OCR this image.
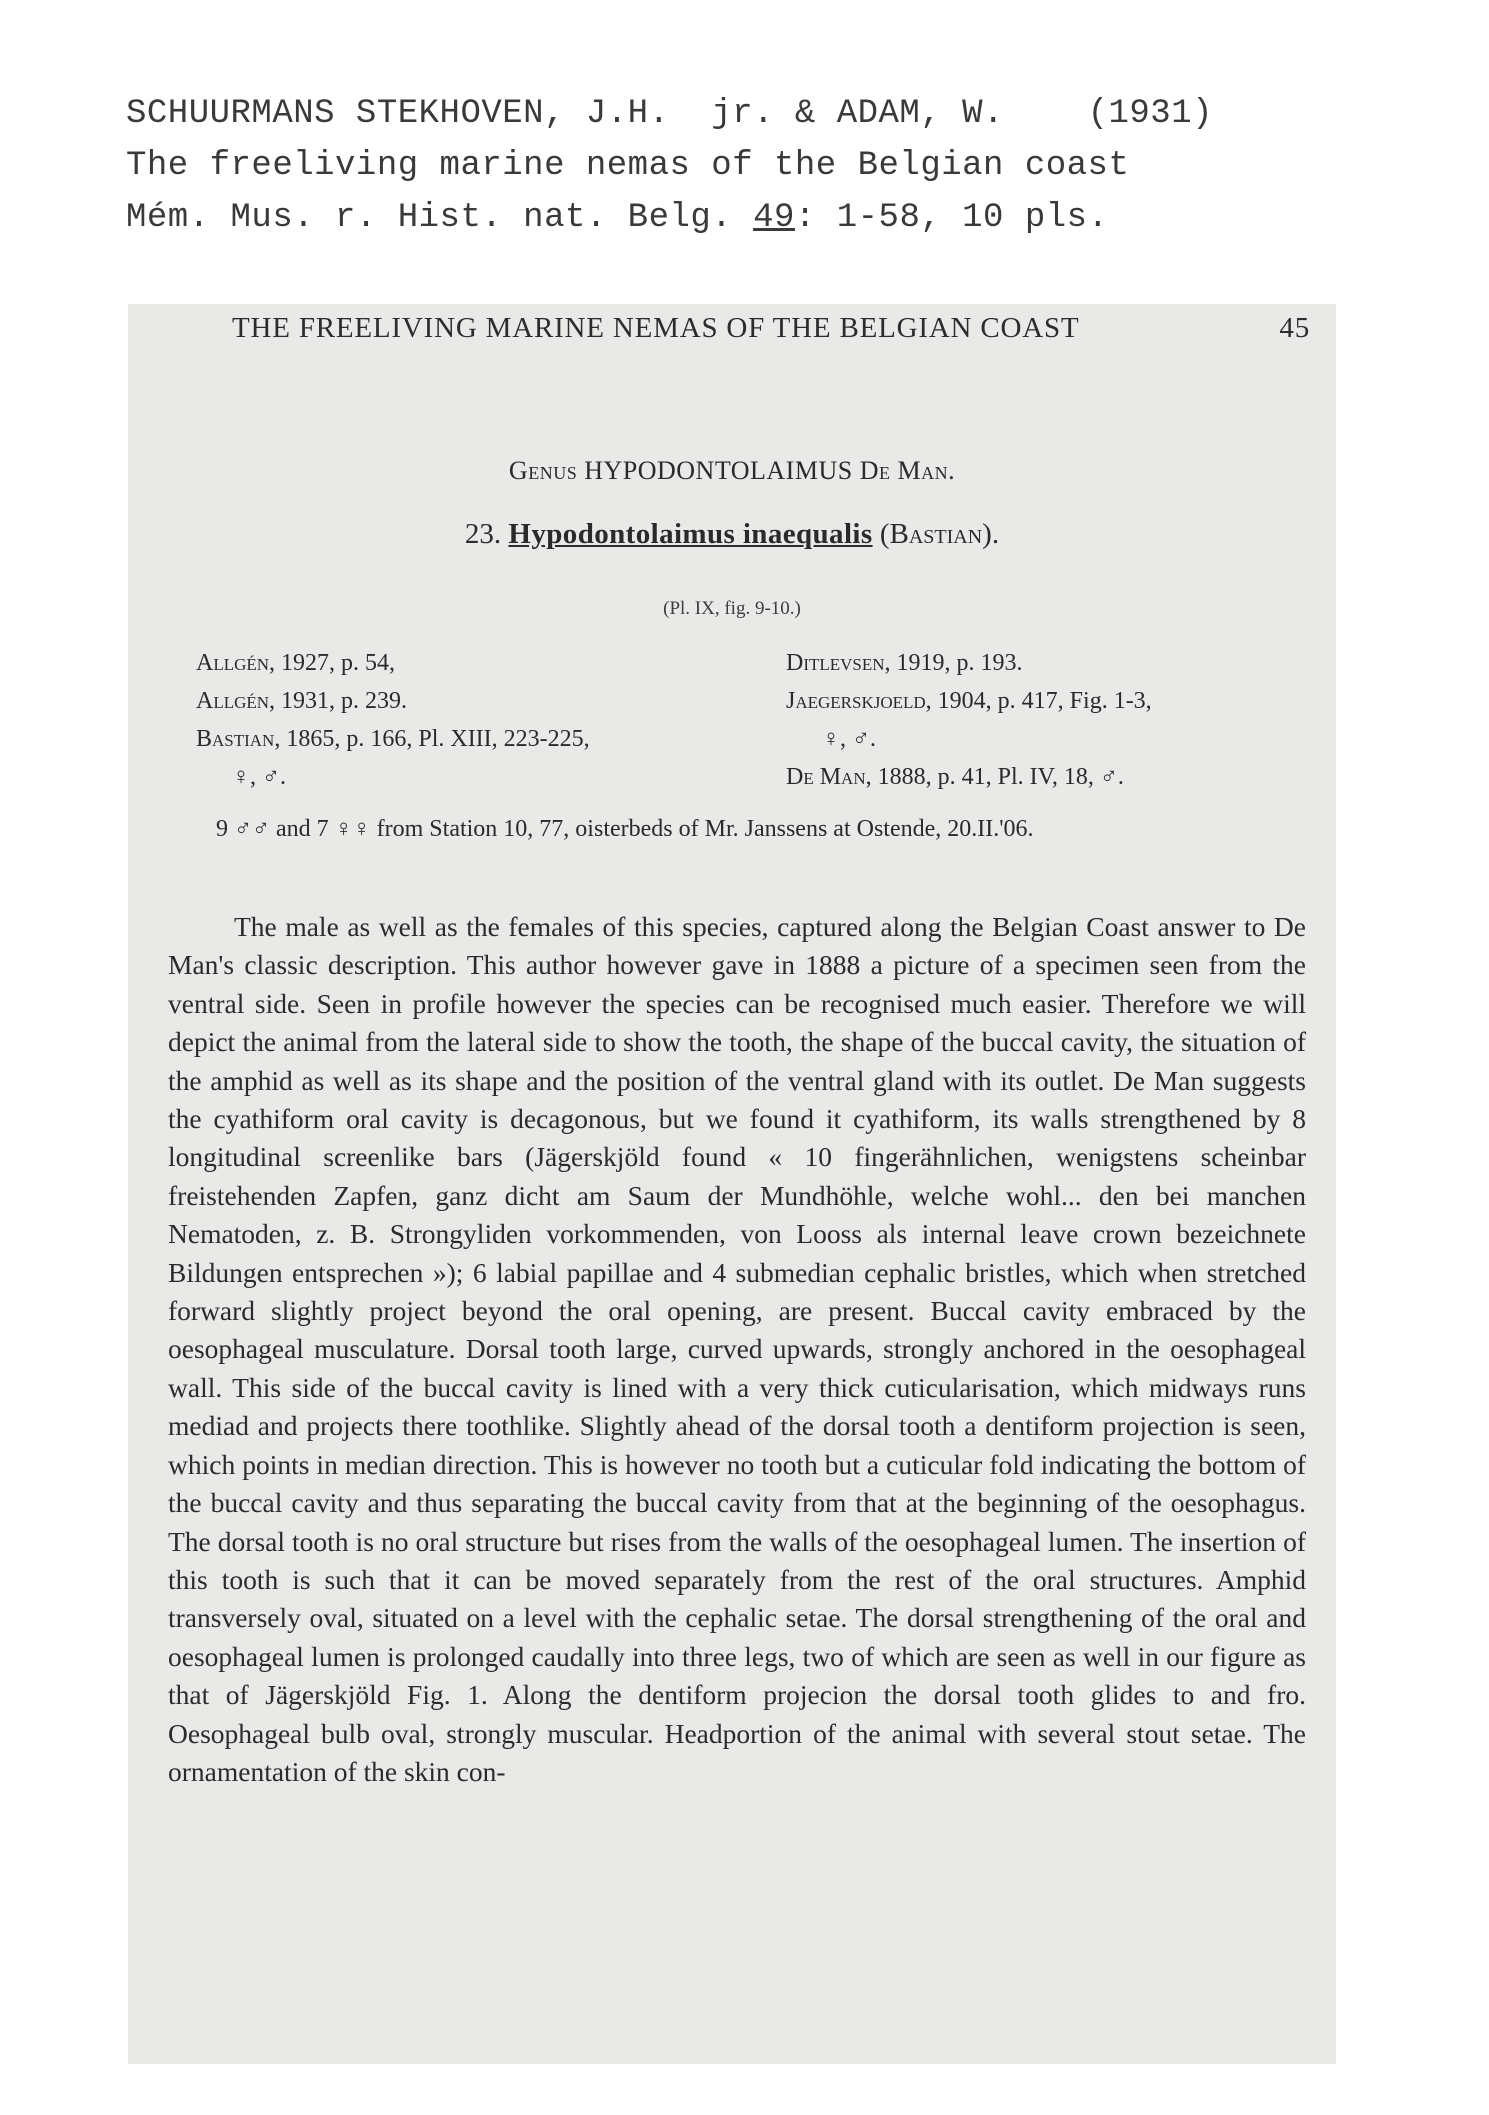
SCHUURMANS STEKHOVEN, J.H.  jr. & ADAM, W. (1931)
The freeliving marine nemas of the Belgian coast
Mém. Mus. r. Hist. nat. Belg. 49: 1-58, 10 pls.
THE FREELIVING MARINE NEMAS OF THE BELGIAN COAST	45
Genus HYPODONTOLAIMUS De Man.
23. Hypodontolaimus inaequalis (Bastian).
(Pl. IX, fig. 9-10.)
Allgén, 1927, p. 54,
Allgén, 1931, p. 239.
Bastian, 1865, p. 166, Pl. XIII, 223-225,
♀, ♂.
Ditlevsen, 1919, p. 193.
Jaegerskjoeld, 1904, p. 417, Fig. 1-3,
♀, ♂.
De Man, 1888, p. 41, Pl. IV, 18, ♂.
9 ♂♂ and 7 ♀♀ from Station 10, 77, oisterbeds of Mr. Janssens at Ostende, 20.II.'06.
The male as well as the females of this species, captured along the Belgian Coast answer to De Man's classic description. This author however gave in 1888 a picture of a specimen seen from the ventral side. Seen in profile however the species can be recognised much easier. Therefore we will depict the animal from the lateral side to show the tooth, the shape of the buccal cavity, the situation of the amphid as well as its shape and the position of the ventral gland with its outlet. De Man suggests the cyathiform oral cavity is decagonous, but we found it cyathiform, its walls strengthened by 8 longitudinal screenlike bars (Jägerskjöld found « 10 fingerähnlichen, wenigstens scheinbar freistehenden Zapfen, ganz dicht am Saum der Mundhöhle, welche wohl... den bei manchen Nematoden, z. B. Strongyliden vorkommenden, von Looss als internal leave crown bezeichnete Bildungen entsprechen »); 6 labial papillae and 4 submedian cephalic bristles, which when stretched forward slightly project beyond the oral opening, are present. Buccal cavity embraced by the oesophageal musculature. Dorsal tooth large, curved upwards, strongly anchored in the oesophageal wall. This side of the buccal cavity is lined with a very thick cuticularisation, which midways runs mediad and projects there toothlike. Slightly ahead of the dorsal tooth a dentiform projection is seen, which points in median direction. This is however no tooth but a cuticular fold indicating the bottom of the buccal cavity and thus separating the buccal cavity from that at the beginning of the oesophagus. The dorsal tooth is no oral structure but rises from the walls of the oesophageal lumen. The insertion of this tooth is such that it can be moved separately from the rest of the oral structures. Amphid transversely oval, situated on a level with the cephalic setae. The dorsal strengthening of the oral and oesophageal lumen is prolonged caudally into three legs, two of which are seen as well in our figure as that of Jägerskjöld Fig. 1. Along the dentiform projecion the dorsal tooth glides to and fro. Oesophageal bulb oval, strongly muscular. Headportion of the animal with several stout setae. The ornamentation of the skin con-
